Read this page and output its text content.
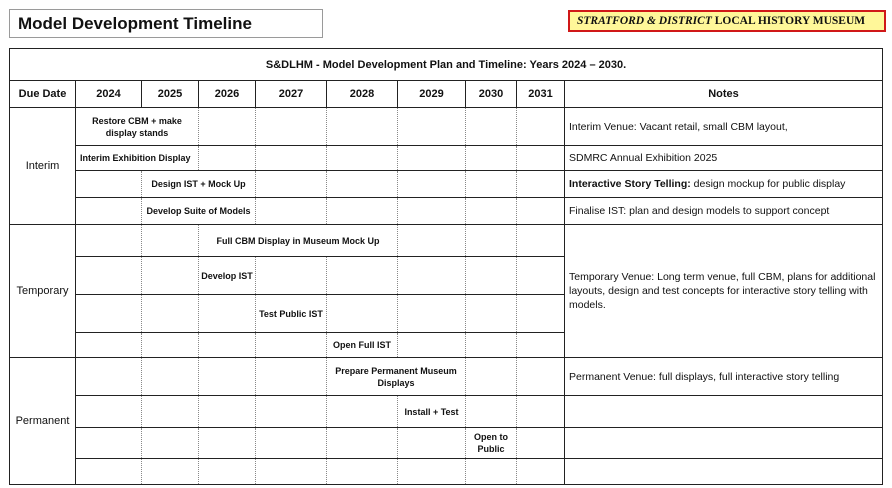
Model Development Timeline	STRATFORD & DISTRICT LOCAL HISTORY MUSEUM
S&DLHM - Model Development Plan and Timeline: Years 2024 – 2030.									
Due Date	2024	2025	2026	2027	2028	2029	2030	2031	Notes
Interim	Restore CBM + make display stands								Interim Venue: Vacant retail, small CBM layout,
	Interim Exhibition Display								SDMRC Annual Exhibition 2025
		Design IST + Mock Up							Interactive Story Telling: design mockup for public display
		Develop Suite of Models							Finalise IST: plan and design models to support concept
Temporary			Full CBM Display in Museum Mock Up						Temporary Venue: Long term venue, full CBM, plans for additional layouts, design and test concepts for interactive story telling with models.
			Develop IST						
				Test Public IST					
					Open Full IST				
Permanent					Prepare Permanent Museum Displays				Permanent Venue: full displays, full interactive story telling
						Install + Test			
							Open to Public		
